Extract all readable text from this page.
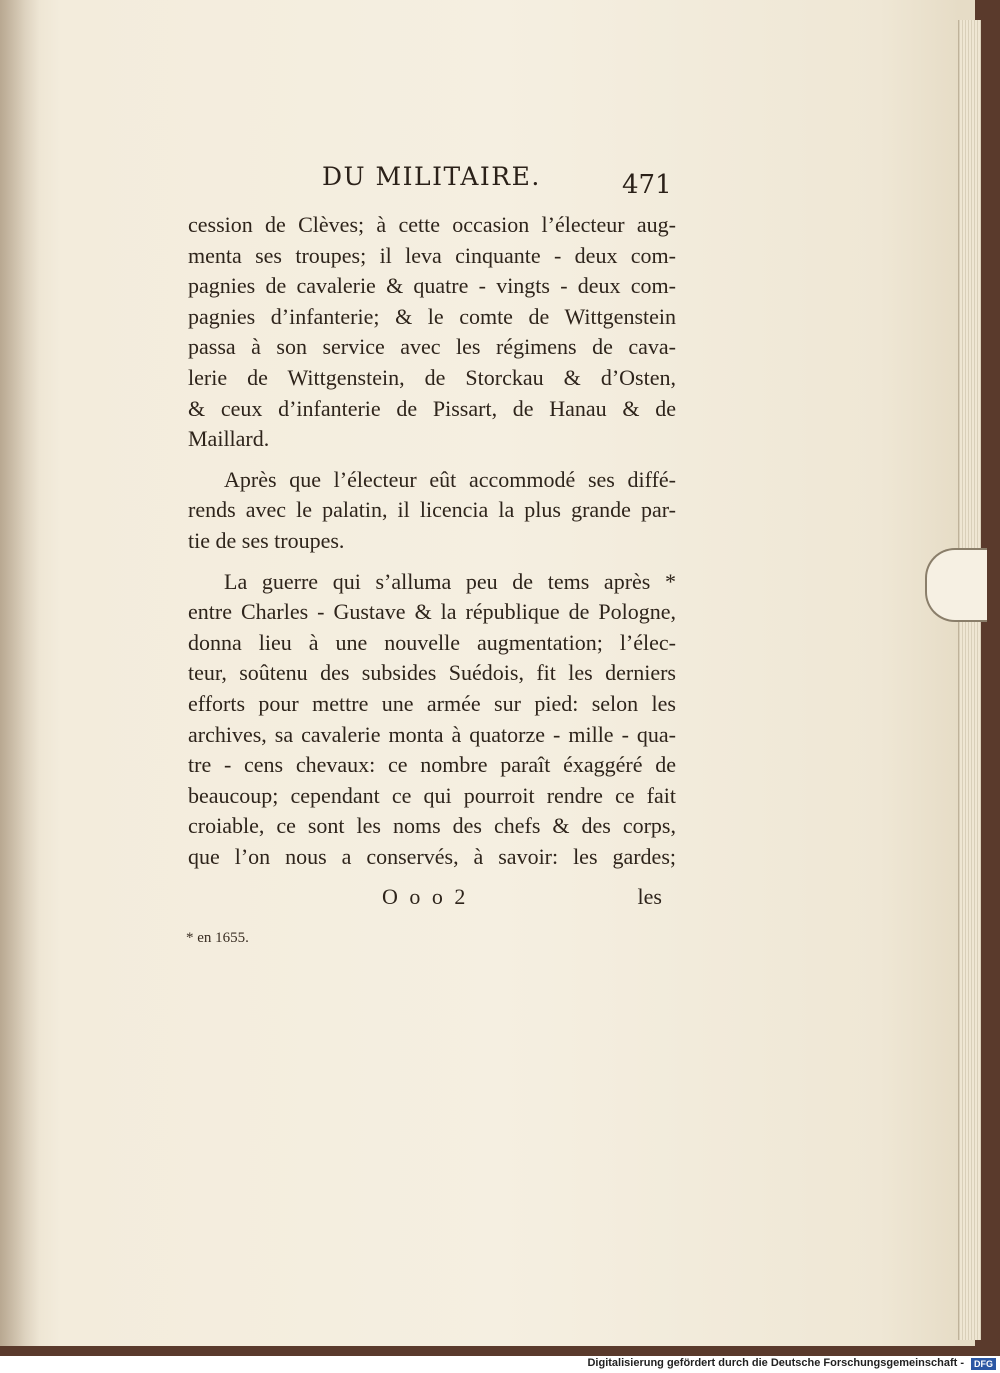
DU MILITAIRE.	471

cession de Clèves; à cette occasion l’électeur aug-
menta ses troupes; il leva cinquante - deux com-
pagnies de cavalerie & quatre - vingts - deux com-
pagnies d’infanterie; & le comte de Wittgenstein
passa à son service avec les régimens de cava-
lerie de Wittgenstein, de Storckau & d’Osten,
& ceux d’infanterie de Pissart, de Hanau & de
Maillard.

Après que l’électeur eût accommodé ses diffé-
rends avec le palatin, il licencia la plus grande par-
tie de ses troupes.

La guerre qui s’alluma peu de tems après *
entre Charles - Gustave & la république de Pologne,
donna lieu à une nouvelle augmentation; l’élec-
teur, soûtenu des subsides Suédois, fit les derniers
efforts pour mettre une armée sur pied: selon les
archives, sa cavalerie monta à quatorze - mille - qua-
tre - cens chevaux: ce nombre paraît éxaggéré de
beaucoup; cependant ce qui pourroit rendre ce fait
croiable, ce sont les noms des chefs & des corps,
que l’on nous a conservés, à savoir: les gardes;

O o o 2	les
* en 1655.
Digitalisierung gefördert durch die Deutsche Forschungsgemeinschaft -	DFG
